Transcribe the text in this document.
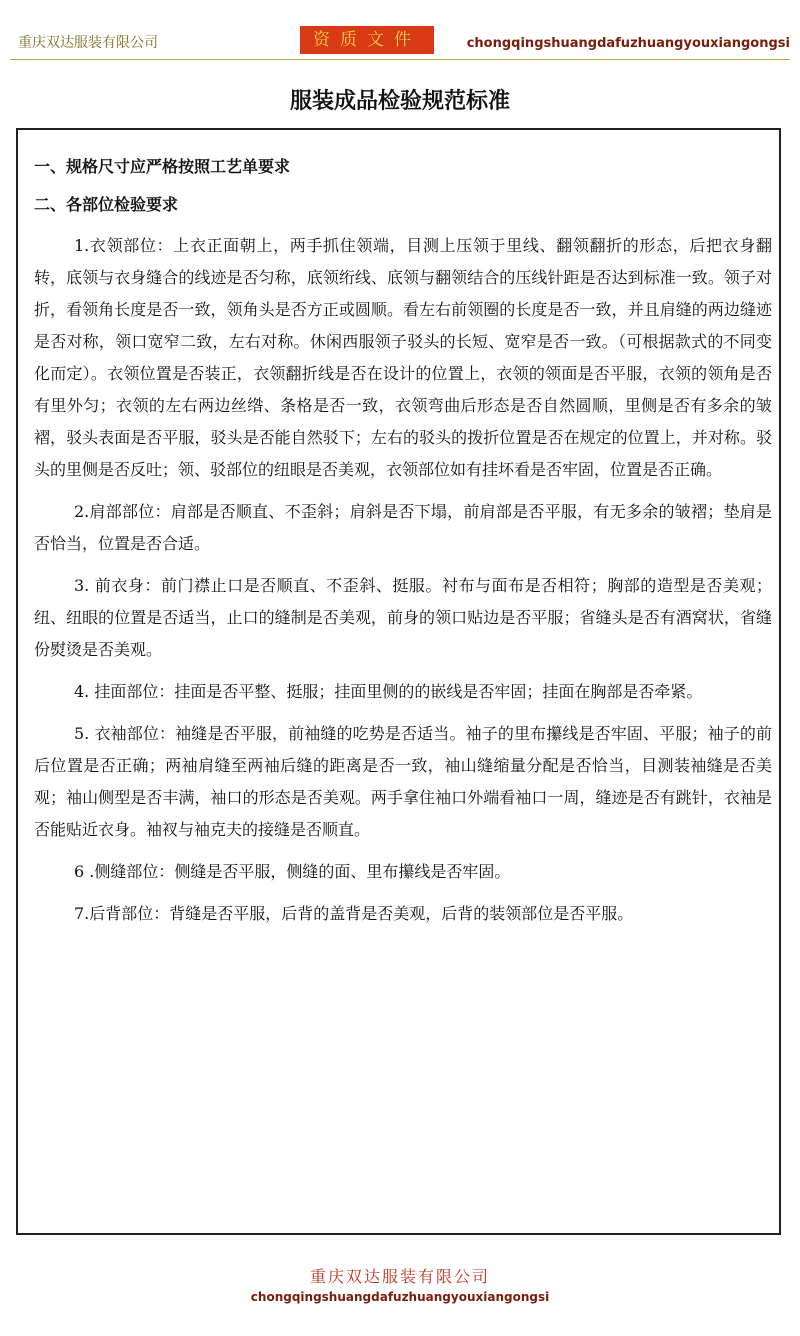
重庆双达服装有限公司	资质文件	chongqingshuangdafuzhuangyouxiangongsi
服装成品检验规范标准
一、规格尺寸应严格按照工艺单要求
二、各部位检验要求

1.衣领部位：上衣正面朝上，两手抓住领端，目测上压领于里线、翻领翻折的形态，后把衣身翻转，底领与衣身缝合的线迹是否匀称，底领绗线、底领与翻领结合的压线针距是否达到标准一致。领子对折，看领角长度是否一致，领角头是否方正或圆顺。看左右前领圈的长度是否一致，并且肩缝的两边缝迹是否对称，领口宽窄二致，左右对称。休闲西服领子驳头的长短、宽窄是否一致。（可根据款式的不同变化而定）。衣领位置是否装正，衣领翻折线是否在设计的位置上，衣领的领面是否平服，衣领的领角是否有里外匀；衣领的左右两边丝绺、条格是否一致，衣领弯曲后形态是否自然圆顺，里侧是否有多余的皱褶，驳头表面是否平服，驳头是否能自然驳下；左右的驳头的拨折位置是否在规定的位置上，并对称。驳头的里侧是否反吐；领、驳部位的纽眼是否美观，衣领部位如有挂坏看是否牢固，位置是否正确。

2.肩部部位：肩部是否顺直、不歪斜；肩斜是否下塌，前肩部是否平服，有无多余的皱褶；垫肩是否恰当，位置是否合适。

3. 前衣身：前门襟止口是否顺直、不歪斜、挺服。衬布与面布是否相符；胸部的造型是否美观；纽、纽眼的位置是否适当，止口的缝制是否美观，前身的领口贴边是否平服；省缝头是否有酒窝状，省缝份熨烫是否美观。

4. 挂面部位：挂面是否平整、挺服；挂面里侧的的嵌线是否牢固；挂面在胸部是否牵紧。

5. 衣袖部位：袖缝是否平服，前袖缝的吃势是否适当。袖子的里布攥线是否牢固、平服；袖子的前后位置是否正确；两袖肩缝至两袖后缝的距离是否一致，袖山缝缩量分配是否恰当，目测装袖缝是否美观；袖山侧型是否丰满，袖口的形态是否美观。两手拿住袖口外端看袖口一周，缝迹是否有跳针，衣袖是否能贴近衣身。袖衩与袖克夫的接缝是否顺直。

6 .侧缝部位：侧缝是否平服，侧缝的面、里布攥线是否牢固。

7.后背部位：背缝是否平服，后背的盖背是否美观，后背的装领部位是否平服。

重庆双达服装有限公司
chongqingshuangdafuzhuangyouxiangongsi
